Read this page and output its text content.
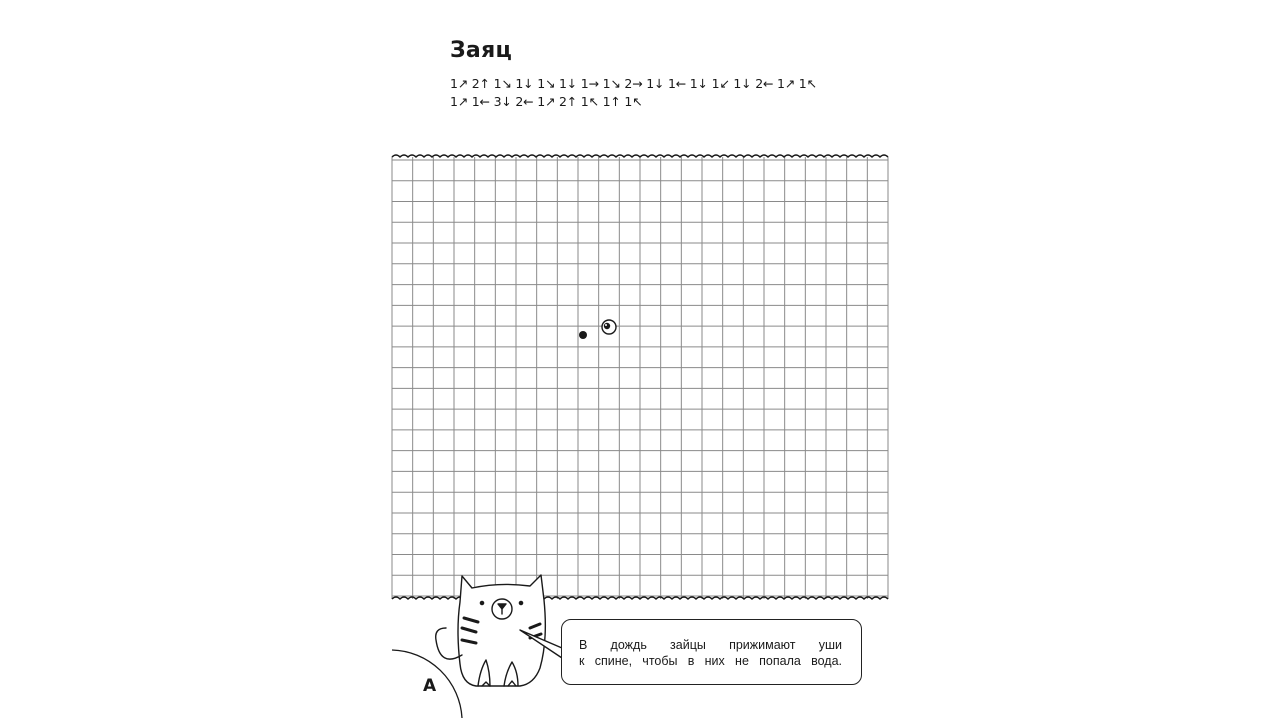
Заяц
1↗ 2↑ 1↘ 1↓ 1↘ 1↓ 1→ 1↘ 2→ 1↓ 1← 1↓ 1↙ 1↓ 2← 1↗ 1↖
1↗ 1← 3↓ 2← 1↗ 2↑ 1↖ 1↑ 1↖
В дождь зайцы прижимают уши
к спине, чтобы в них не попала вода.
А
